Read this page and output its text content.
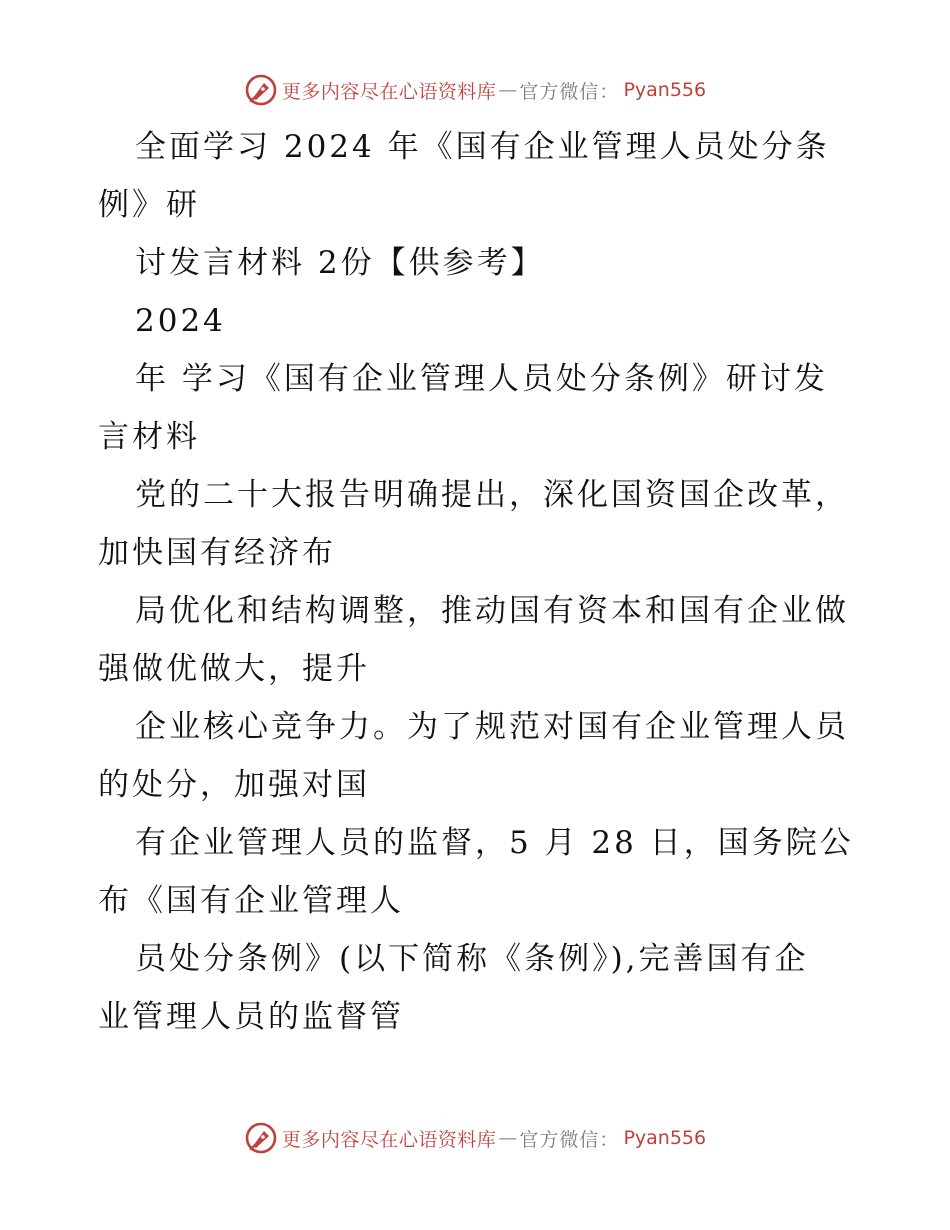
更多内容尽在心语资料库 — 官方微信： Pyan556
全面学习 2024 年《国有企业管理人员处分条
例》研
讨发言材料 2份【供参考】
2024
年 学习《国有企业管理人员处分条例》研讨发
言材料
党的二十大报告明确提出，深化国资国企改革，
加快国有经济布
局优化和结构调整，推动国有资本和国有企业做
强做优做大，提升
企业核心竞争力。为了规范对国有企业管理人员
的处分，加强对国
有企业管理人员的监督，5 月 28 日，国务院公
布《国有企业管理人
员处分条例》(以下简称《条例》),完善国有企
业管理人员的监督管
更多内容尽在心语资料库 — 官方微信： Pyan556
